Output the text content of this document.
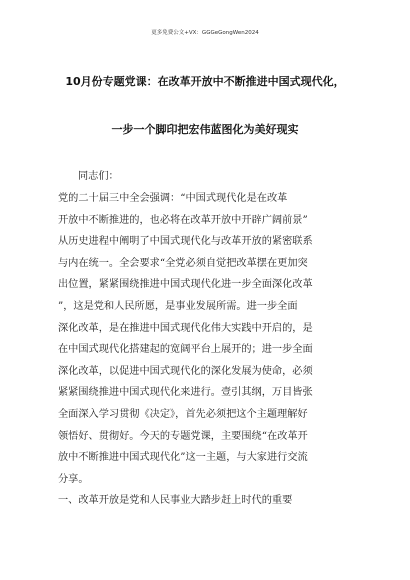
更多免费公文+VX：GGGeGongWen2024
10月份专题党课：在改革开放中不断推进中国式现代化，
一步一个脚印把宏伟蓝图化为美好现实
同志们：
党的二十届三中全会强调：“中国式现代化是在改革
开放中不断推进的，也必将在改革开放中开辟广阔前景”
从历史进程中阐明了中国式现代化与改革开放的紧密联系
与内在统一。全会要求“全党必须自觉把改革摆在更加突
出位置，紧紧围绕推进中国式现代化进一步全面深化改革
”，这是党和人民所愿，是事业发展所需。进一步全面
深化改革，是在推进中国式现代化伟大实践中开启的，是
在中国式现代化搭建起的宽阔平台上展开的；进一步全面
深化改革，以促进中国式现代化的深化发展为使命，必须
紧紧围绕推进中国式现代化来进行。壹引其纲，万目皆张
全面深入学习贯彻《决定》，首先必须把这个主题理解好
领悟好、贯彻好。今天的专题党课，主要围绕“在改革开
放中不断推进中国式现代化”这一主题，与大家进行交流
分享。
一、改革开放是党和人民事业大踏步赶上时代的重要
